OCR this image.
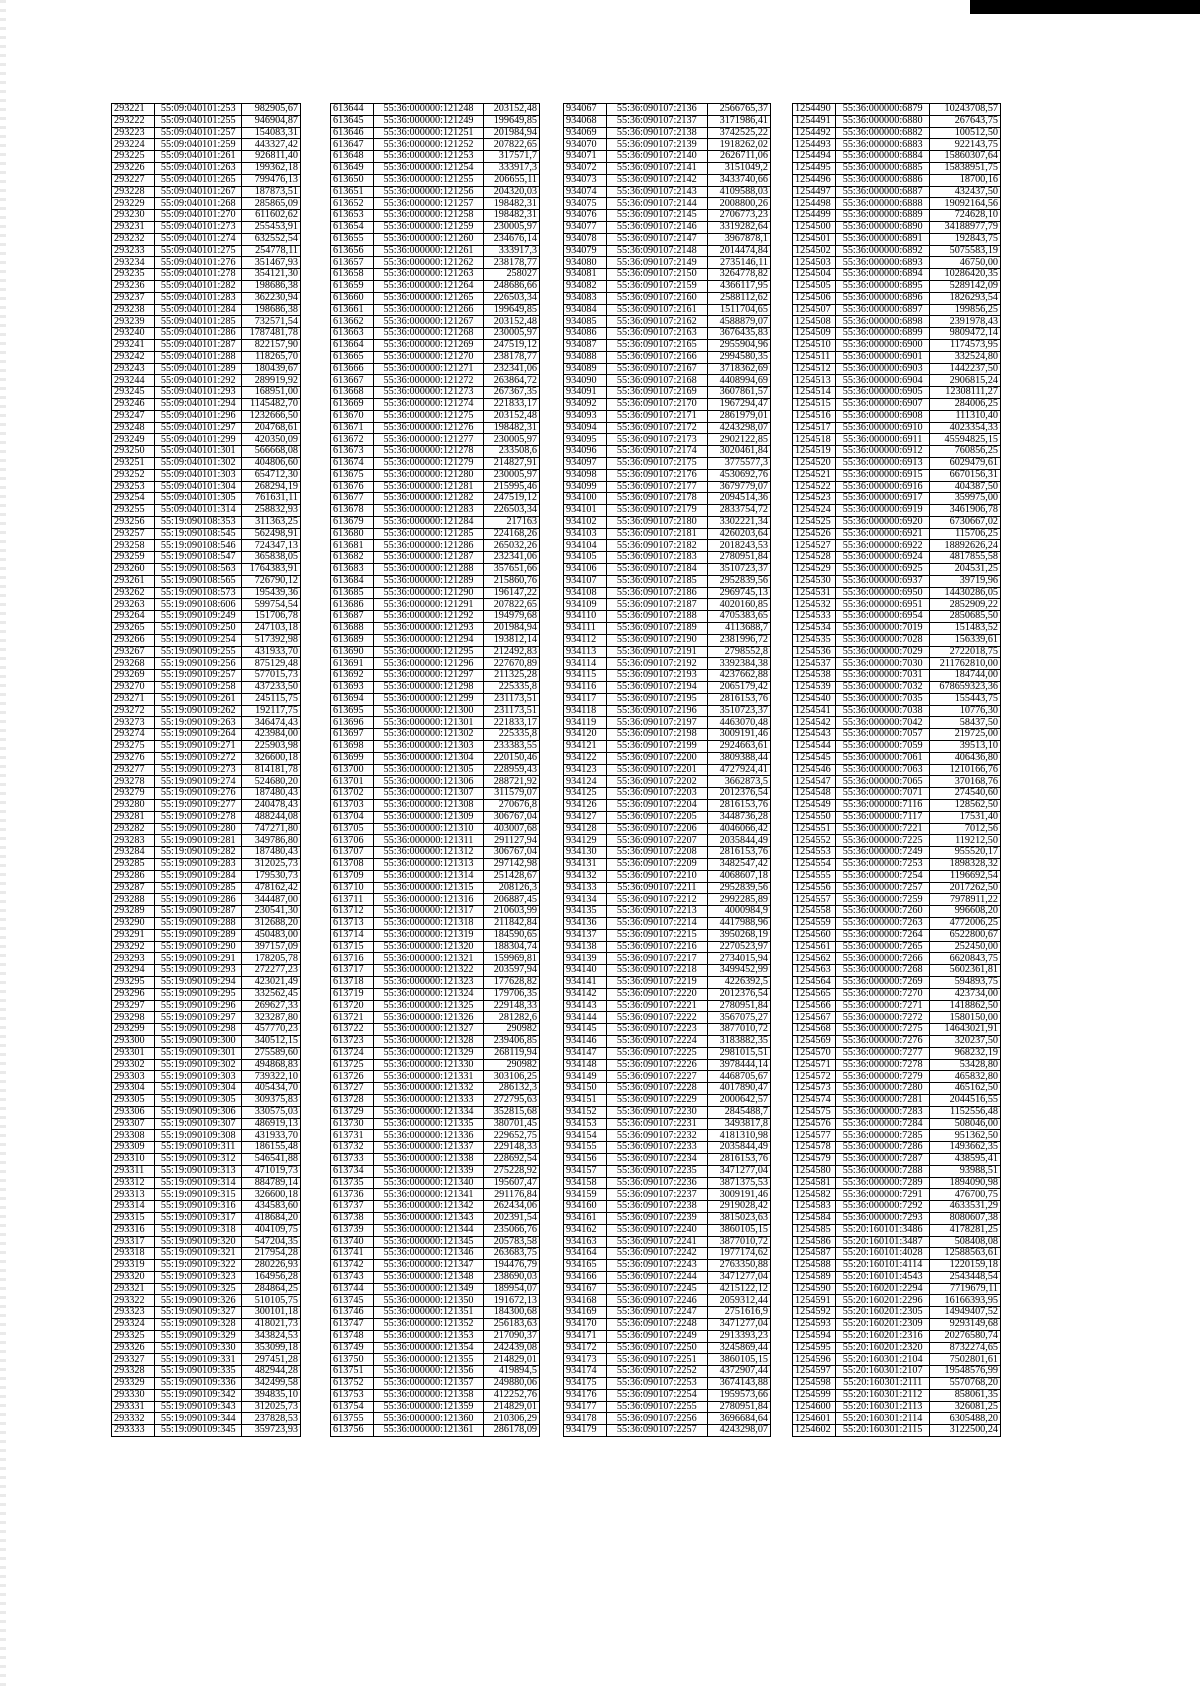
293221	55:09:040101:253	982905,67
293222	55:09:040101:255	946904,87
293223	55:09:040101:257	154083,31
293224	55:09:040101:259	443327,42
293225	55:09:040101:261	926811,40
293226	55:09:040101:263	199362,18
293227	55:09:040101:265	799476,13
293228	55:09:040101:267	187873,51
293229	55:09:040101:268	285865,09
293230	55:09:040101:270	611602,62
293231	55:09:040101:273	255453,91
293232	55:09:040101:274	632552,54
293233	55:09:040101:275	254778,11
293234	55:09:040101:276	351467,93
293235	55:09:040101:278	354121,30
293236	55:09:040101:282	198686,38
293237	55:09:040101:283	362230,94
293238	55:09:040101:284	198686,38
293239	55:09:040101:285	732571,54
293240	55:09:040101:286	1787481,78
293241	55:09:040101:287	822157,90
293242	55:09:040101:288	118265,70
293243	55:09:040101:289	180439,67
293244	55:09:040101:292	289919,92
293245	55:09:040101:293	168951,00
293246	55:09:040101:294	1145482,70
293247	55:09:040101:296	1232666,50
293248	55:09:040101:297	204768,61
293249	55:09:040101:299	420350,09
293250	55:09:040101:301	566668,08
293251	55:09:040101:302	404806,60
293252	55:09:040101:303	654712,30
293253	55:09:040101:304	268294,19
293254	55:09:040101:305	761631,11
293255	55:09:040101:314	258832,93
293256	55:19:090108:353	311363,25
293257	55:19:090108:545	562498,91
293258	55:19:090108:546	724347,13
293259	55:19:090108:547	365838,05
293260	55:19:090108:563	1764383,91
293261	55:19:090108:565	726790,12
293262	55:19:090108:573	195439,36
293263	55:19:090108:606	599754,54
293264	55:19:090109:249	151706,78
293265	55:19:090109:250	247103,18
293266	55:19:090109:254	517392,98
293267	55:19:090109:255	431933,70
293268	55:19:090109:256	875129,48
293269	55:19:090109:257	577015,73
293270	55:19:090109:258	437233,50
293271	55:19:090109:261	245115,75
293272	55:19:090109:262	192117,75
293273	55:19:090109:263	346474,43
293274	55:19:090109:264	423984,00
293275	55:19:090109:271	225903,98
293276	55:19:090109:272	326600,18
293277	55:19:090109:273	814181,78
293278	55:19:090109:274	524680,20
293279	55:19:090109:276	187480,43
293280	55:19:090109:277	240478,43
293281	55:19:090109:278	488244,08
293282	55:19:090109:280	747271,80
293283	55:19:090109:281	349786,80
293284	55:19:090109:282	187480,43
293285	55:19:090109:283	312025,73
293286	55:19:090109:284	179530,73
293287	55:19:090109:285	478162,42
293288	55:19:090109:286	344487,00
293289	55:19:090109:287	230541,30
293290	55:19:090109:288	312688,20
293291	55:19:090109:289	450483,00
293292	55:19:090109:290	397157,09
293293	55:19:090109:291	178205,78
293294	55:19:090109:293	272277,23
293295	55:19:090109:294	423021,49
293296	55:19:090109:295	332562,45
293297	55:19:090109:296	269627,33
293298	55:19:090109:297	323287,80
293299	55:19:090109:298	457770,23
293300	55:19:090109:300	340512,15
293301	55:19:090109:301	275589,60
293302	55:19:090109:302	494868,83
293303	55:19:090109:303	739322,10
293304	55:19:090109:304	405434,70
293305	55:19:090109:305	309375,83
293306	55:19:090109:306	330575,03
293307	55:19:090109:307	486919,13
293308	55:19:090109:308	431933,70
293309	55:19:090109:311	186155,48
293310	55:19:090109:312	546541,88
293311	55:19:090109:313	471019,73
293312	55:19:090109:314	884789,14
293313	55:19:090109:315	326600,18
293314	55:19:090109:316	434583,60
293315	55:19:090109:317	418684,20
293316	55:19:090109:318	404109,75
293317	55:19:090109:320	547204,35
293318	55:19:090109:321	217954,28
293319	55:19:090109:322	280226,93
293320	55:19:090109:323	164956,28
293321	55:19:090109:325	284864,25
293322	55:19:090109:326	510105,75
293323	55:19:090109:327	300101,18
293324	55:19:090109:328	418021,73
293325	55:19:090109:329	343824,53
293326	55:19:090109:330	353099,18
293327	55:19:090109:331	297451,28
293328	55:19:090109:335	482944,28
293329	55:19:090109:336	342499,58
293330	55:19:090109:342	394835,10
293331	55:19:090109:343	312025,73
293332	55:19:090109:344	237828,53
293333	55:19:090109:345	359723,93
613644	55:36:000000:121248	203152,48
613645	55:36:000000:121249	199649,85
613646	55:36:000000:121251	201984,94
613647	55:36:000000:121252	207822,65
613648	55:36:000000:121253	317571,7
613649	55:36:000000:121254	333917,3
613650	55:36:000000:121255	206655,11
613651	55:36:000000:121256	204320,03
613652	55:36:000000:121257	198482,31
613653	55:36:000000:121258	198482,31
613654	55:36:000000:121259	230005,97
613655	55:36:000000:121260	234676,14
613656	55:36:000000:121261	333917,3
613657	55:36:000000:121262	238178,77
613658	55:36:000000:121263	258027
613659	55:36:000000:121264	248686,66
613660	55:36:000000:121265	226503,34
613661	55:36:000000:121266	199649,85
613662	55:36:000000:121267	203152,48
613663	55:36:000000:121268	230005,97
613664	55:36:000000:121269	247519,12
613665	55:36:000000:121270	238178,77
613666	55:36:000000:121271	232341,06
613667	55:36:000000:121272	263864,72
613668	55:36:000000:121273	267367,35
613669	55:36:000000:121274	221833,17
613670	55:36:000000:121275	203152,48
613671	55:36:000000:121276	198482,31
613672	55:36:000000:121277	230005,97
613673	55:36:000000:121278	233508,6
613674	55:36:000000:121279	214827,91
613675	55:36:000000:121280	230005,97
613676	55:36:000000:121281	215995,46
613677	55:36:000000:121282	247519,12
613678	55:36:000000:121283	226503,34
613679	55:36:000000:121284	217163
613680	55:36:000000:121285	224168,26
613681	55:36:000000:121286	265032,26
613682	55:36:000000:121287	232341,06
613683	55:36:000000:121288	357651,66
613684	55:36:000000:121289	215860,76
613685	55:36:000000:121290	196147,22
613686	55:36:000000:121291	207822,65
613687	55:36:000000:121292	194979,68
613688	55:36:000000:121293	201984,94
613689	55:36:000000:121294	193812,14
613690	55:36:000000:121295	212492,83
613691	55:36:000000:121296	227670,89
613692	55:36:000000:121297	211325,28
613693	55:36:000000:121298	225335,8
613694	55:36:000000:121299	231173,51
613695	55:36:000000:121300	231173,51
613696	55:36:000000:121301	221833,17
613697	55:36:000000:121302	225335,8
613698	55:36:000000:121303	233383,55
613699	55:36:000000:121304	220150,46
613700	55:36:000000:121305	228959,43
613701	55:36:000000:121306	288721,92
613702	55:36:000000:121307	311579,07
613703	55:36:000000:121308	270676,8
613704	55:36:000000:121309	306767,04
613705	55:36:000000:121310	403007,68
613706	55:36:000000:121311	291127,94
613707	55:36:000000:121312	306767,04
613708	55:36:000000:121313	297142,98
613709	55:36:000000:121314	251428,67
613710	55:36:000000:121315	208126,3
613711	55:36:000000:121316	206887,45
613712	55:36:000000:121317	210603,99
613713	55:36:000000:121318	211842,84
613714	55:36:000000:121319	184590,65
613715	55:36:000000:121320	188304,74
613716	55:36:000000:121321	159969,81
613717	55:36:000000:121322	203597,94
613718	55:36:000000:121323	177628,82
613719	55:36:000000:121324	179706,35
613720	55:36:000000:121325	229148,33
613721	55:36:000000:121326	281282,6
613722	55:36:000000:121327	290982
613723	55:36:000000:121328	239406,85
613724	55:36:000000:121329	268119,94
613725	55:36:000000:121330	290982
613726	55:36:000000:121331	303106,25
613727	55:36:000000:121332	286132,3
613728	55:36:000000:121333	272795,63
613729	55:36:000000:121334	352815,68
613730	55:36:000000:121335	380701,45
613731	55:36:000000:121336	229652,75
613732	55:36:000000:121337	229148,33
613733	55:36:000000:121338	228692,54
613734	55:36:000000:121339	275228,92
613735	55:36:000000:121340	195607,47
613736	55:36:000000:121341	291176,84
613737	55:36:000000:121342	262434,06
613738	55:36:000000:121343	202391,54
613739	55:36:000000:121344	235066,76
613740	55:36:000000:121345	205783,58
613741	55:36:000000:121346	263683,75
613742	55:36:000000:121347	194476,79
613743	55:36:000000:121348	238690,03
613744	55:36:000000:121349	189954,07
613745	55:36:000000:121350	191672,13
613746	55:36:000000:121351	184300,68
613747	55:36:000000:121352	256183,63
613748	55:36:000000:121353	217090,37
613749	55:36:000000:121354	242439,08
613750	55:36:000000:121355	214829,01
613751	55:36:000000:121356	419894,5
613752	55:36:000000:121357	249880,06
613753	55:36:000000:121358	412252,76
613754	55:36:000000:121359	214829,01
613755	55:36:000000:121360	210306,29
613756	55:36:000000:121361	286178,09
934067	55:36:090107:2136	2566765,37
934068	55:36:090107:2137	3171986,41
934069	55:36:090107:2138	3742525,22
934070	55:36:090107:2139	1918262,02
934071	55:36:090107:2140	2626711,06
934072	55:36:090107:2141	3151049,2
934073	55:36:090107:2142	3433740,66
934074	55:36:090107:2143	4109588,03
934075	55:36:090107:2144	2008800,26
934076	55:36:090107:2145	2706773,23
934077	55:36:090107:2146	3319282,64
934078	55:36:090107:2147	3967878,1
934079	55:36:090107:2148	2014474,84
934080	55:36:090107:2149	2735146,11
934081	55:36:090107:2150	3264778,82
934082	55:36:090107:2159	4366117,95
934083	55:36:090107:2160	2588112,62
934084	55:36:090107:2161	1511704,65
934085	55:36:090107:2162	4588879,07
934086	55:36:090107:2163	3676435,83
934087	55:36:090107:2165	2955904,96
934088	55:36:090107:2166	2994580,35
934089	55:36:090107:2167	3718362,69
934090	55:36:090107:2168	4408994,69
934091	55:36:090107:2169	3607861,57
934092	55:36:090107:2170	1967294,47
934093	55:36:090107:2171	2861979,01
934094	55:36:090107:2172	4243298,07
934095	55:36:090107:2173	2902122,85
934096	55:36:090107:2174	3020461,84
934097	55:36:090107:2175	3775577,3
934098	55:36:090107:2176	4530692,76
934099	55:36:090107:2177	3679779,07
934100	55:36:090107:2178	2094514,36
934101	55:36:090107:2179	2833754,72
934102	55:36:090107:2180	3302221,34
934103	55:36:090107:2181	4260203,64
934104	55:36:090107:2182	2018243,53
934105	55:36:090107:2183	2780951,84
934106	55:36:090107:2184	3510723,37
934107	55:36:090107:2185	2952839,56
934108	55:36:090107:2186	2969745,13
934109	55:36:090107:2187	4020160,85
934110	55:36:090107:2188	4705383,65
934111	55:36:090107:2189	4113688,7
934112	55:36:090107:2190	2381996,72
934113	55:36:090107:2191	2798552,8
934114	55:36:090107:2192	3392384,38
934115	55:36:090107:2193	4237662,88
934116	55:36:090107:2194	2065179,42
934117	55:36:090107:2195	2816153,76
934118	55:36:090107:2196	3510723,37
934119	55:36:090107:2197	4463070,48
934120	55:36:090107:2198	3009191,46
934121	55:36:090107:2199	2924663,61
934122	55:36:090107:2200	3809388,44
934123	55:36:090107:2201	4727924,41
934124	55:36:090107:2202	3662873,5
934125	55:36:090107:2203	2012376,54
934126	55:36:090107:2204	2816153,76
934127	55:36:090107:2205	3448736,28
934128	55:36:090107:2206	4046066,42
934129	55:36:090107:2207	2035844,49
934130	55:36:090107:2208	2816153,76
934131	55:36:090107:2209	3482547,42
934132	55:36:090107:2210	4068607,18
934133	55:36:090107:2211	2952839,56
934134	55:36:090107:2212	2992285,89
934135	55:36:090107:2213	4000984,9
934136	55:36:090107:2214	4417988,96
934137	55:36:090107:2215	3950268,19
934138	55:36:090107:2216	2270523,97
934139	55:36:090107:2217	2734015,94
934140	55:36:090107:2218	3499452,99
934141	55:36:090107:2219	4226392,5
934142	55:36:090107:2220	2012376,54
934143	55:36:090107:2221	2780951,84
934144	55:36:090107:2222	3567075,27
934145	55:36:090107:2223	3877010,72
934146	55:36:090107:2224	3183882,35
934147	55:36:090107:2225	2981015,51
934148	55:36:090107:2226	3978444,14
934149	55:36:090107:2227	4468705,67
934150	55:36:090107:2228	4017890,47
934151	55:36:090107:2229	2000642,57
934152	55:36:090107:2230	2845488,7
934153	55:36:090107:2231	3493817,8
934154	55:36:090107:2232	4181310,98
934155	55:36:090107:2233	2035844,49
934156	55:36:090107:2234	2816153,76
934157	55:36:090107:2235	3471277,04
934158	55:36:090107:2236	3871375,53
934159	55:36:090107:2237	3009191,46
934160	55:36:090107:2238	2919028,42
934161	55:36:090107:2239	3815023,63
934162	55:36:090107:2240	3860105,15
934163	55:36:090107:2241	3877010,72
934164	55:36:090107:2242	1977174,62
934165	55:36:090107:2243	2763350,88
934166	55:36:090107:2244	3471277,04
934167	55:36:090107:2245	4215122,12
934168	55:36:090107:2246	2059312,44
934169	55:36:090107:2247	2751616,9
934170	55:36:090107:2248	3471277,04
934171	55:36:090107:2249	2913393,23
934172	55:36:090107:2250	3245869,44
934173	55:36:090107:2251	3860105,15
934174	55:36:090107:2252	4372907,44
934175	55:36:090107:2253	3674143,88
934176	55:36:090107:2254	1959573,66
934177	55:36:090107:2255	2780951,84
934178	55:36:090107:2256	3696684,64
934179	55:36:090107:2257	4243298,07
1254490	55:36:000000:6879	10243708,57
1254491	55:36:000000:6880	267643,75
1254492	55:36:000000:6882	100512,50
1254493	55:36:000000:6883	922143,75
1254494	55:36:000000:6884	15860307,64
1254495	55:36:000000:6885	15838951,75
1254496	55:36:000000:6886	18700,16
1254497	55:36:000000:6887	432437,50
1254498	55:36:000000:6888	19092164,56
1254499	55:36:000000:6889	724628,10
1254500	55:36:000000:6890	34188977,79
1254501	55:36:000000:6891	192843,75
1254502	55:36:000000:6892	5075583,19
1254503	55:36:000000:6893	46750,00
1254504	55:36:000000:6894	10286420,35
1254505	55:36:000000:6895	5289142,09
1254506	55:36:000000:6896	1826293,54
1254507	55:36:000000:6897	199856,25
1254508	55:36:000000:6898	2391978,43
1254509	55:36:000000:6899	9809472,14
1254510	55:36:000000:6900	1174573,95
1254511	55:36:000000:6901	332524,80
1254512	55:36:000000:6903	1442237,50
1254513	55:36:000000:6904	2906815,24
1254514	55:36:000000:6905	12308111,27
1254515	55:36:000000:6907	284006,25
1254516	55:36:000000:6908	111310,40
1254517	55:36:000000:6910	4023354,33
1254518	55:36:000000:6911	45594825,15
1254519	55:36:000000:6912	760856,25
1254520	55:36:000000:6913	6029479,61
1254521	55:36:000000:6915	6670156,31
1254522	55:36:000000:6916	404387,50
1254523	55:36:000000:6917	359975,00
1254524	55:36:000000:6919	3461906,78
1254525	55:36:000000:6920	6730667,02
1254526	55:36:000000:6921	115706,25
1254527	55:36:000000:6922	18892626,24
1254528	55:36:000000:6924	4817855,58
1254529	55:36:000000:6925	204531,25
1254530	55:36:000000:6937	39719,96
1254531	55:36:000000:6950	14430286,05
1254532	55:36:000000:6951	2852909,22
1254533	55:36:000000:6954	2850685,50
1254534	55:36:000000:7019	151483,52
1254535	55:36:000000:7028	156339,61
1254536	55:36:000000:7029	2722018,75
1254537	55:36:000000:7030	211762810,00
1254538	55:36:000000:7031	184744,00
1254539	55:36:000000:7032	678659323,36
1254540	55:36:000000:7035	155443,75
1254541	55:36:000000:7038	10776,30
1254542	55:36:000000:7042	58437,50
1254543	55:36:000000:7057	219725,00
1254544	55:36:000000:7059	39513,10
1254545	55:36:000000:7061	406436,80
1254546	55:36:000000:7063	1210166,76
1254547	55:36:000000:7065	370168,76
1254548	55:36:000000:7071	274540,60
1254549	55:36:000000:7116	128562,50
1254550	55:36:000000:7117	17531,40
1254551	55:36:000000:7221	7012,56
1254552	55:36:000000:7225	119212,50
1254553	55:36:000000:7249	955520,17
1254554	55:36:000000:7253	1898328,32
1254555	55:36:000000:7254	1196692,54
1254556	55:36:000000:7257	2017262,50
1254557	55:36:000000:7259	7978911,22
1254558	55:36:000000:7260	996608,20
1254559	55:36:000000:7263	4772006,25
1254560	55:36:000000:7264	6522800,67
1254561	55:36:000000:7265	252450,00
1254562	55:36:000000:7266	6620843,75
1254563	55:36:000000:7268	5602361,81
1254564	55:36:000000:7269	594893,75
1254565	55:36:000000:7270	423734,00
1254566	55:36:000000:7271	1418862,50
1254567	55:36:000000:7272	1580150,00
1254568	55:36:000000:7275	14643021,91
1254569	55:36:000000:7276	320237,50
1254570	55:36:000000:7277	968232,19
1254571	55:36:000000:7278	53428,80
1254572	55:36:000000:7279	465832,80
1254573	55:36:000000:7280	465162,50
1254574	55:36:000000:7281	2044516,55
1254575	55:36:000000:7283	1152556,48
1254576	55:36:000000:7284	508046,00
1254577	55:36:000000:7285	951362,50
1254578	55:36:000000:7286	1493662,35
1254579	55:36:000000:7287	438595,41
1254580	55:36:000000:7288	93988,51
1254581	55:36:000000:7289	1894090,98
1254582	55:36:000000:7291	476700,75
1254583	55:36:000000:7292	4633531,29
1254584	55:36:000000:7293	8080607,38
1254585	55:20:160101:3486	4178281,25
1254586	55:20:160101:3487	508408,08
1254587	55:20:160101:4028	12588563,61
1254588	55:20:160101:4114	1220159,18
1254589	55:20:160101:4543	2543448,54
1254590	55:20:160201:2294	7719679,11
1254591	55:20:160201:2296	16166393,95
1254592	55:20:160201:2305	14949407,52
1254593	55:20:160201:2309	9293149,68
1254594	55:20:160201:2316	20276580,74
1254595	55:20:160201:2320	8732274,65
1254596	55:20:160301:2104	7502801,61
1254597	55:20:160301:2107	19548576,99
1254598	55:20:160301:2111	5570768,20
1254599	55:20:160301:2112	858061,35
1254600	55:20:160301:2113	326081,25
1254601	55:20:160301:2114	6305488,20
1254602	55:20:160301:2115	3122500,24
